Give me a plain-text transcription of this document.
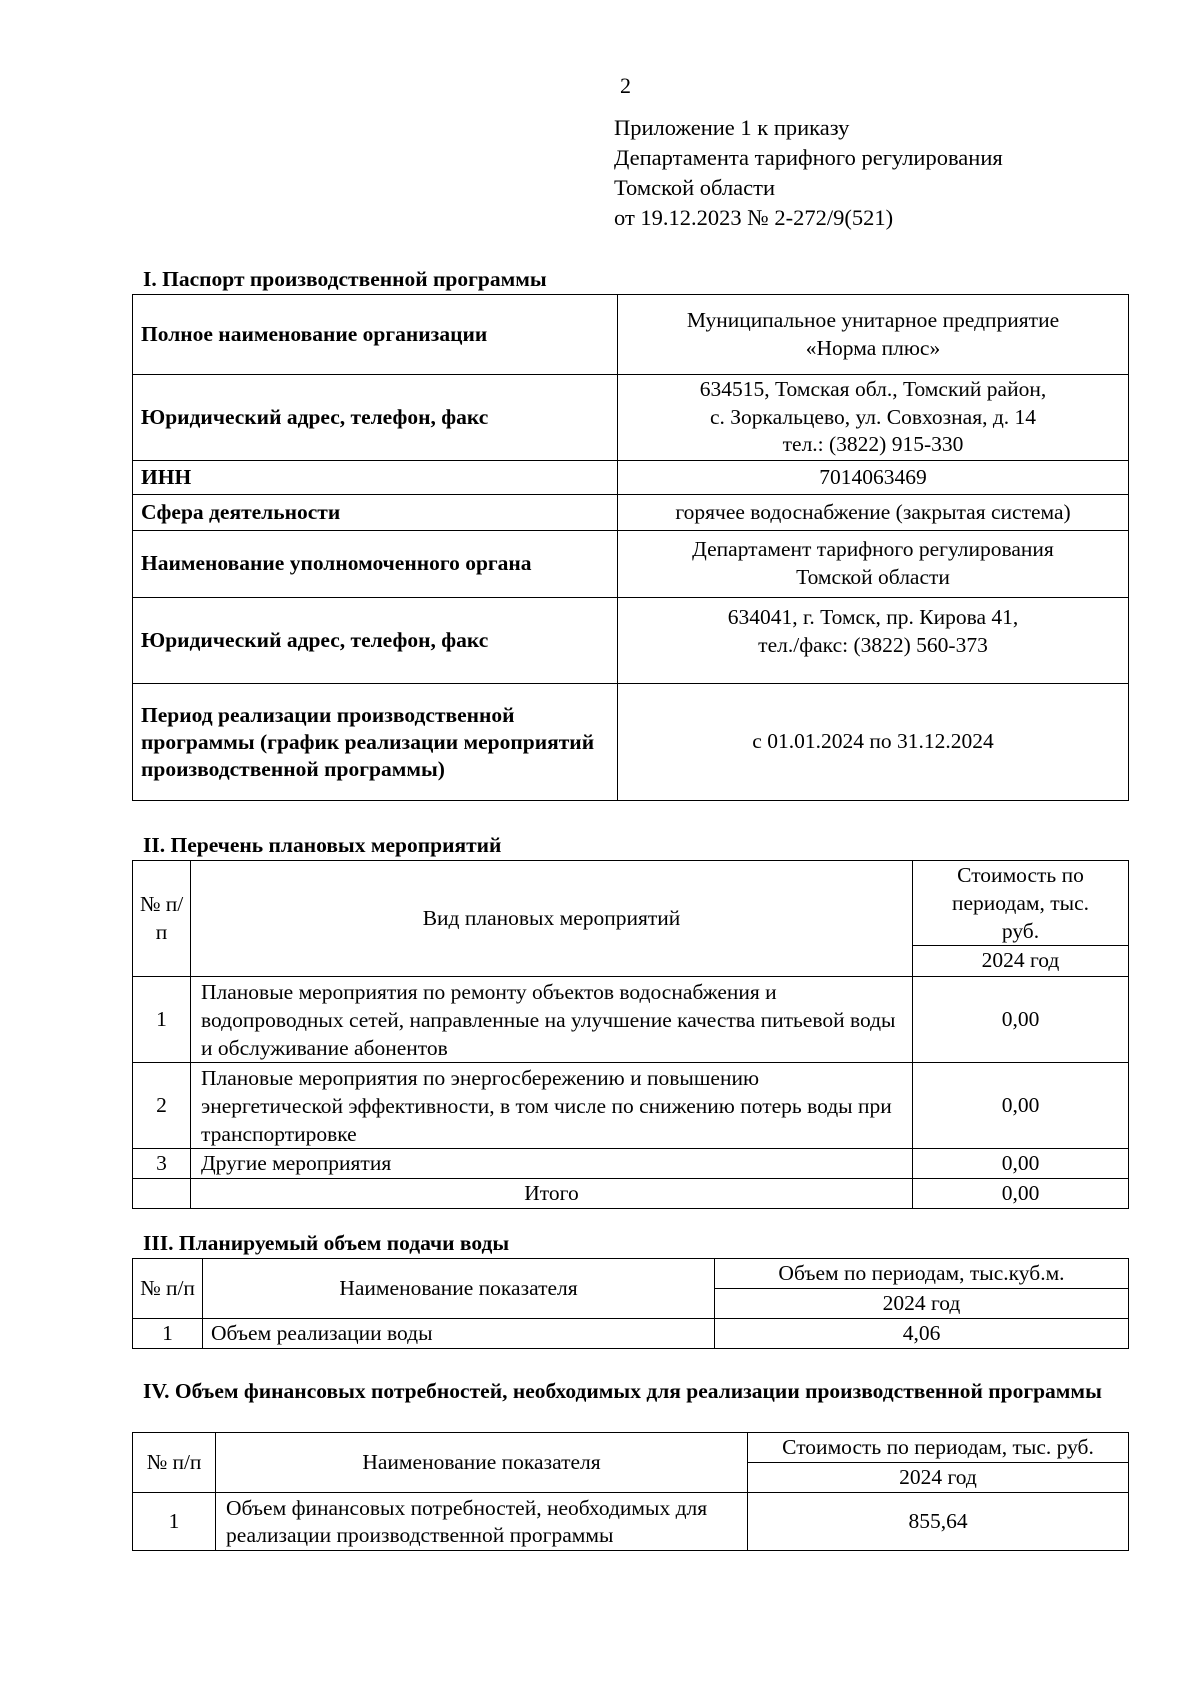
2
Приложение 1 к приказу
Департамента тарифного регулирования
Томской области
от 19.12.2023 № 2-272/9(521)
I. Паспорт производственной программы
Полное наименование организации	Муниципальное унитарное предприятие
«Норма плюс»

Юридический адрес, телефон, факс	634515, Томская обл., Томский район,
с. Зоркальцево, ул. Совхозная, д. 14
тел.: (3822) 915-330

ИНН	7014063469

Сфера деятельности	горячее водоснабжение (закрытая система)

Наименование уполномоченного органа	Департамент тарифного регулирования
Томской области

Юридический адрес, телефон, факс	634041, г. Томск, пр. Кирова 41,
тел./факс: (3822) 560-373

Период реализации производственной программы (график реализации мероприятий производственной программы)	с 01.01.2024 по 31.12.2024
II. Перечень плановых мероприятий
№ п/п	Вид плановых мероприятий	Стоимость по периодам, тыс. руб.
		2024 год
1	Плановые мероприятия по ремонту объектов водоснабжения и водопроводных сетей, направленные на улучшение качества питьевой воды и обслуживание абонентов	0,00
2	Плановые мероприятия по энергосбережению и повышению энергетической эффективности, в том числе по снижению потерь воды при транспортировке	0,00
3	Другие мероприятия	0,00
	Итого	0,00
III. Планируемый объем подачи воды
№ п/п	Наименование показателя	Объем по периодам, тыс.куб.м.
		2024 год
1	Объем реализации воды	4,06
IV. Объем финансовых потребностей, необходимых для реализации производственной программы
№ п/п	Наименование показателя	Стоимость по периодам, тыс. руб.
		2024 год
1	Объем финансовых потребностей, необходимых для реализации производственной программы	855,64
